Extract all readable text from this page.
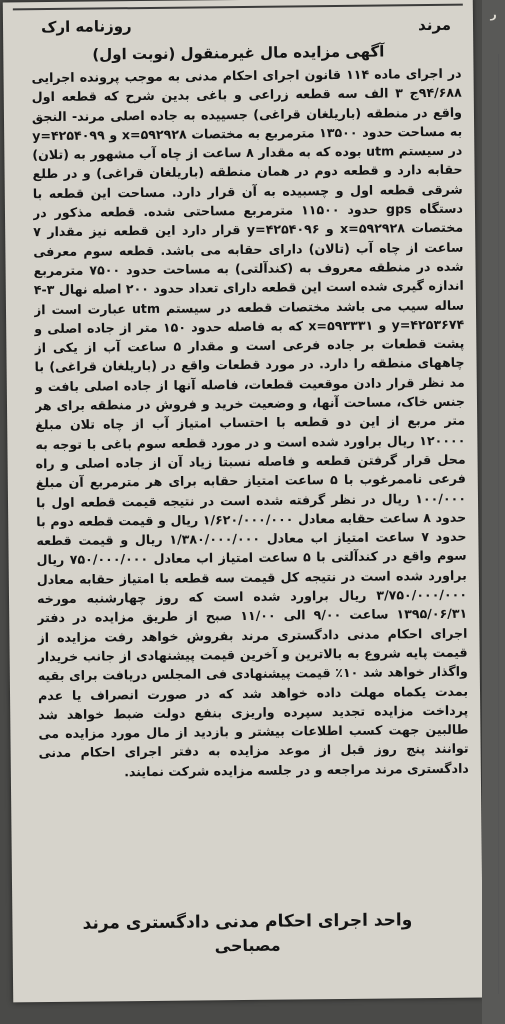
مرند
روزنامه ارک
آگهی مزایده مال غیرمنقول (نوبت اول)
در اجرای ماده ۱۱۴ قانون اجرای احکام مدنی به موجب پرونده اجرایی ۹۴/۶۸۸ج ۳ الف سه قطعه زراعی و باغی بدین شرح که قطعه اول واقع در منطقه (باریلغان قراغی) جسییده به جاده اصلی مرند- النجق به مساحت حدود ۱۳۵۰۰ مترمربع به مختصات ۵۹۲۹۲۸=x و ۴۲۵۴۰۹۹=y در سیستم utm بوده که به مقدار ۸ ساعت از چاه آب مشهور به (تلان) حقابه دارد و قطعه دوم در همان منطقه (باریلغان قراغی) و در طلع شرقی قطعه اول و چسبیده به آن قرار دارد. مساحت این قطعه با دستگاه gps حدود ۱۱۵۰۰ مترمربع مساحتی شده. قطعه مذکور در مختصات ۵۹۲۹۲۸=x و ۴۲۵۴۰۹۶=y قرار دارد این قطعه نیز مقدار ۷ ساعت از چاه آب (تالان) دارای حقابه می باشد. قطعه سوم معرفی شده در منطقه معروف به (کندآلتی) به مساحت حدود ۷۵۰۰ مترمربع اندازه گیری شده است این قطعه دارای تعداد حدود ۲۰۰ اصله نهال ۳-۴ ساله سیب می باشد مختصات قطعه در سیستم utm عبارت است از ۴۲۵۳۶۷۴=y و ۵۹۳۳۳۱=x که به فاصله حدود ۱۵۰ متر از جاده اصلی و پشت قطعات بر جاده فرعی است و مقدار ۵ ساعت آب از یکی از چاههای منطقه را دارد. در مورد قطعات واقع در (باریلغان قراغی) با مد نظر قرار دادن موقعیت قطعات، فاصله آنها از جاده اصلی بافت و جنس خاک، مساحت آنها، و وضعیت خرید و فروش در منطقه برای هر متر مربع از این دو قطعه با احتساب امتیاز آب از چاه تلان مبلغ ۱۲۰۰۰۰ ریال براورد شده است و در مورد قطعه سوم باغی با توجه به محل قرار گرفتن قطعه و فاصله نسبتا زیاد آن از جاده اصلی و راه فرعی ناممرغوب با ۵ ساعت امتیاز حقابه برای هر مترمربع آن مبلغ ۱۰۰/۰۰۰ ریال در نظر گرفته شده است در نتیجه قیمت قطعه اول با حدود ۸ ساعت حقابه معادل ۱/۶۲۰/۰۰۰/۰۰۰ ریال و قیمت قطعه دوم با حدود ۷ ساعت امتیاز اب معادل ۱/۳۸۰/۰۰۰/۰۰۰ ریال و قیمت قطعه سوم واقع در کندآلتی با ۵ ساعت امتیاز اب معادل ۷۵۰/۰۰۰/۰۰۰ ریال براورد شده است در نتیجه کل قیمت سه قطعه با امتیاز حقابه معادل ۳/۷۵۰/۰۰۰/۰۰۰ ریال براورد شده است که روز چهارشنبه مورخه ۱۳۹۵/۰۶/۳۱ ساعت ۹/۰۰ الی ۱۱/۰۰ صبح از طریق مزایده در دفتر اجرای احکام مدنی دادگستری مرند بفروش خواهد رفت مزایده از قیمت پایه شروع به بالاترین و آخرین قیمت پیشنهادی از جانب خریدار واگذار خواهد شد ۱۰٪ قیمت پیشنهادی فی المجلس دریافت برای بقیه بمدت یکماه مهلت داده خواهد شد که در صورت انصراف یا عدم پرداخت مزایده تجدید سپرده واریزی بنفع دولت ضبط خواهد شد طالبین جهت کسب اطلاعات بیشتر و بازدید از مال مورد مزایده می توانند پنج روز قبل از موعد مزایده به دفتر اجرای احکام مدنی دادگستری مرند مراجعه و در جلسه مزایده شرکت نمایند.
واحد اجرای احکام مدنی دادگستری مرند
مصباحی
ر
